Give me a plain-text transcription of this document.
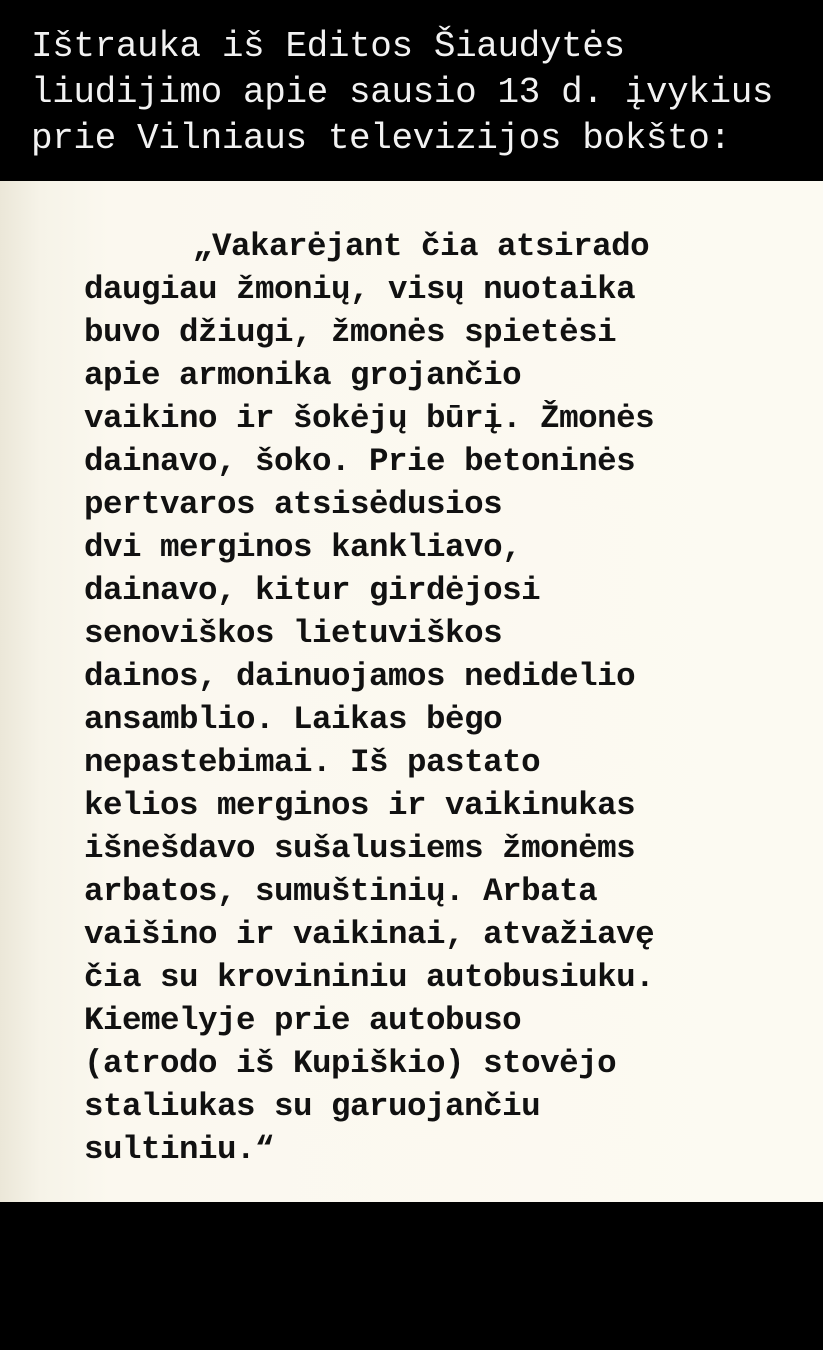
Ištrauka iš Editos Šiaudytės
liudijimo apie sausio 13 d. įvykius
prie Vilniaus televizijos bokšto:
„Vakarėjant čia atsirado
daugiau žmonių, visų nuotaika
buvo džiugi, žmonės spietėsi
apie armonika grojančio
vaikino ir šokėjų būrį. Žmonės
dainavo, šoko. Prie betoninės
pertvaros atsisėdusios
dvi merginos kankliavo,
dainavo, kitur girdėjosi
senoviškos lietuviškos
dainos, dainuojamos nedidelio
ansamblio. Laikas bėgo
nepastebimai. Iš pastato
kelios merginos ir vaikinukas
išnešdavo sušalusiems žmonėms
arbatos, sumuštinių. Arbata
vaišino ir vaikinai, atvažiavę
čia su krovininiu autobusiuku.
Kiemelyje prie autobuso
(atrodo iš Kupiškio) stovėjo
staliukas su garuojančiu
sultiniu.“
